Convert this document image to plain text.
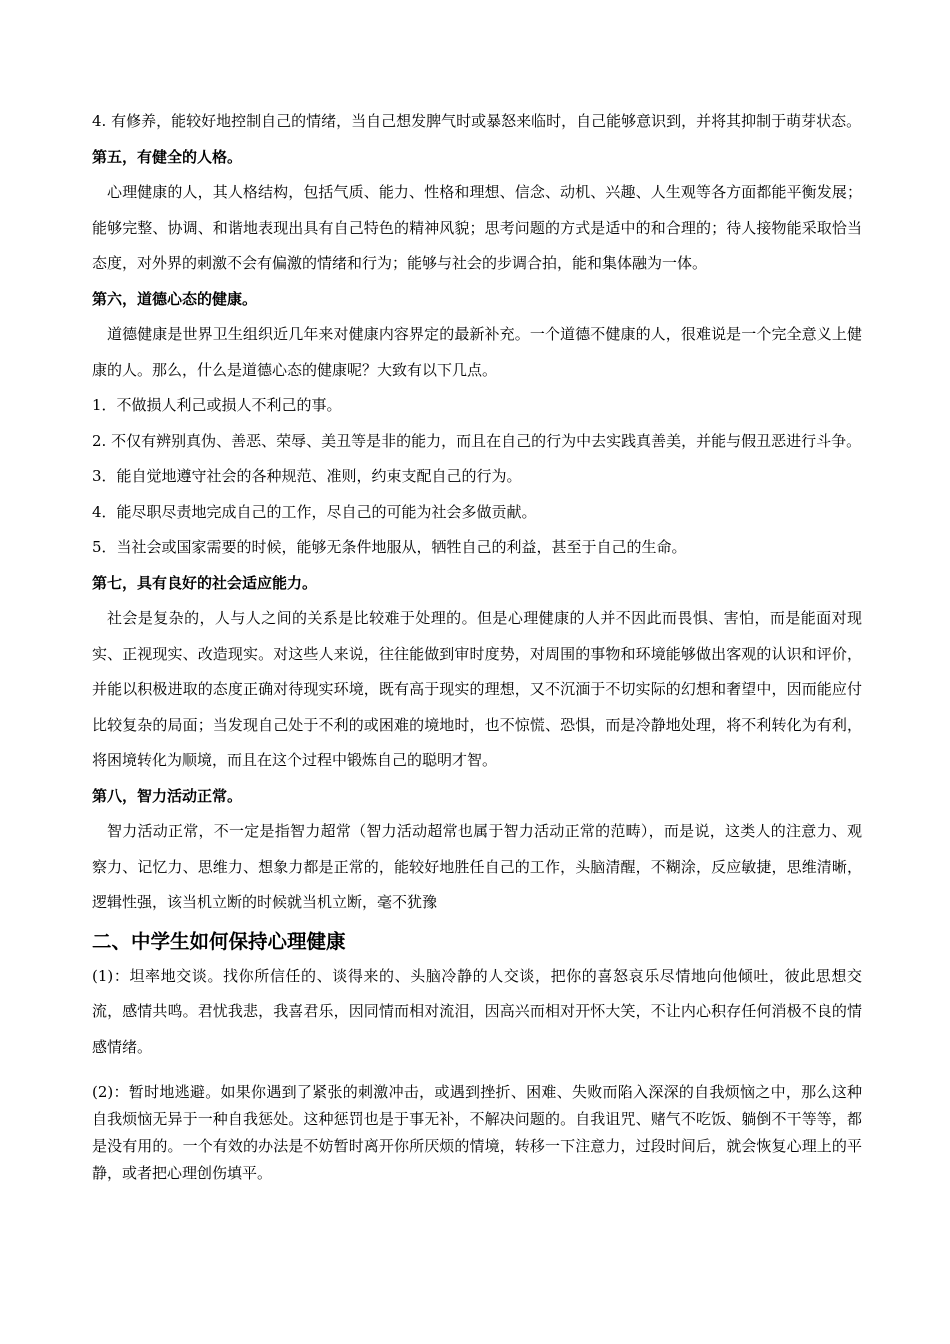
4. 有修养，能较好地控制自己的情绪，当自己想发脾气时或暴怒来临时，自己能够意识到，并将其抑制于萌芽状态。

第五，有健全的人格。

心理健康的人，其人格结构，包括气质、能力、性格和理想、信念、动机、兴趣、人生观等各方面都能平衡发展；能够完整、协调、和谐地表现出具有自己特色的精神风貌；思考问题的方式是适中的和合理的；待人接物能采取恰当态度，对外界的刺激不会有偏激的情绪和行为；能够与社会的步调合拍，能和集体融为一体。

第六，道德心态的健康。

道德健康是世界卫生组织近几年来对健康内容界定的最新补充。一个道德不健康的人，很难说是一个完全意义上健康的人。那么，什么是道德心态的健康呢？大致有以下几点。

1．不做损人利己或损人不利己的事。

2. 不仅有辨别真伪、善恶、荣辱、美丑等是非的能力，而且在自己的行为中去实践真善美，并能与假丑恶进行斗争。

3．能自觉地遵守社会的各种规范、准则，约束支配自己的行为。

4．能尽职尽责地完成自己的工作，尽自己的可能为社会多做贡献。

5．当社会或国家需要的时候，能够无条件地服从，牺牲自己的利益，甚至于自己的生命。

第七，具有良好的社会适应能力。

社会是复杂的，人与人之间的关系是比较难于处理的。但是心理健康的人并不因此而畏惧、害怕，而是能面对现实、正视现实、改造现实。对这些人来说，往往能做到审时度势，对周围的事物和环境能够做出客观的认识和评价，并能以积极进取的态度正确对待现实环境，既有高于现实的理想，又不沉湎于不切实际的幻想和奢望中，因而能应付比较复杂的局面；当发现自己处于不利的或困难的境地时，也不惊慌、恐惧，而是冷静地处理，将不利转化为有利，将困境转化为顺境，而且在这个过程中锻炼自己的聪明才智。

第八，智力活动正常。

智力活动正常，不一定是指智力超常（智力活动超常也属于智力活动正常的范畴），而是说，这类人的注意力、观察力、记忆力、思维力、想象力都是正常的，能较好地胜任自己的工作，头脑清醒，不糊涂，反应敏捷，思维清晰，逻辑性强，该当机立断的时候就当机立断，毫不犹豫

二、中学生如何保持心理健康

(1)：坦率地交谈。找你所信任的、谈得来的、头脑冷静的人交谈，把你的喜怒哀乐尽情地向他倾吐，彼此思想交流，感情共鸣。君忧我悲，我喜君乐，因同情而相对流泪，因高兴而相对开怀大笑，不让内心积存任何消极不良的情感情绪。

(2)：暂时地逃避。如果你遇到了紧张的刺激冲击，或遇到挫折、困难、失败而陷入深深的自我烦恼之中，那么这种自我烦恼无异于一种自我惩处。这种惩罚也是于事无补，不解决问题的。自我诅咒、赌气不吃饭、躺倒不干等等，都是没有用的。一个有效的办法是不妨暂时离开你所厌烦的情境，转移一下注意力，过段时间后，就会恢复心理上的平静，或者把心理创伤填平。
